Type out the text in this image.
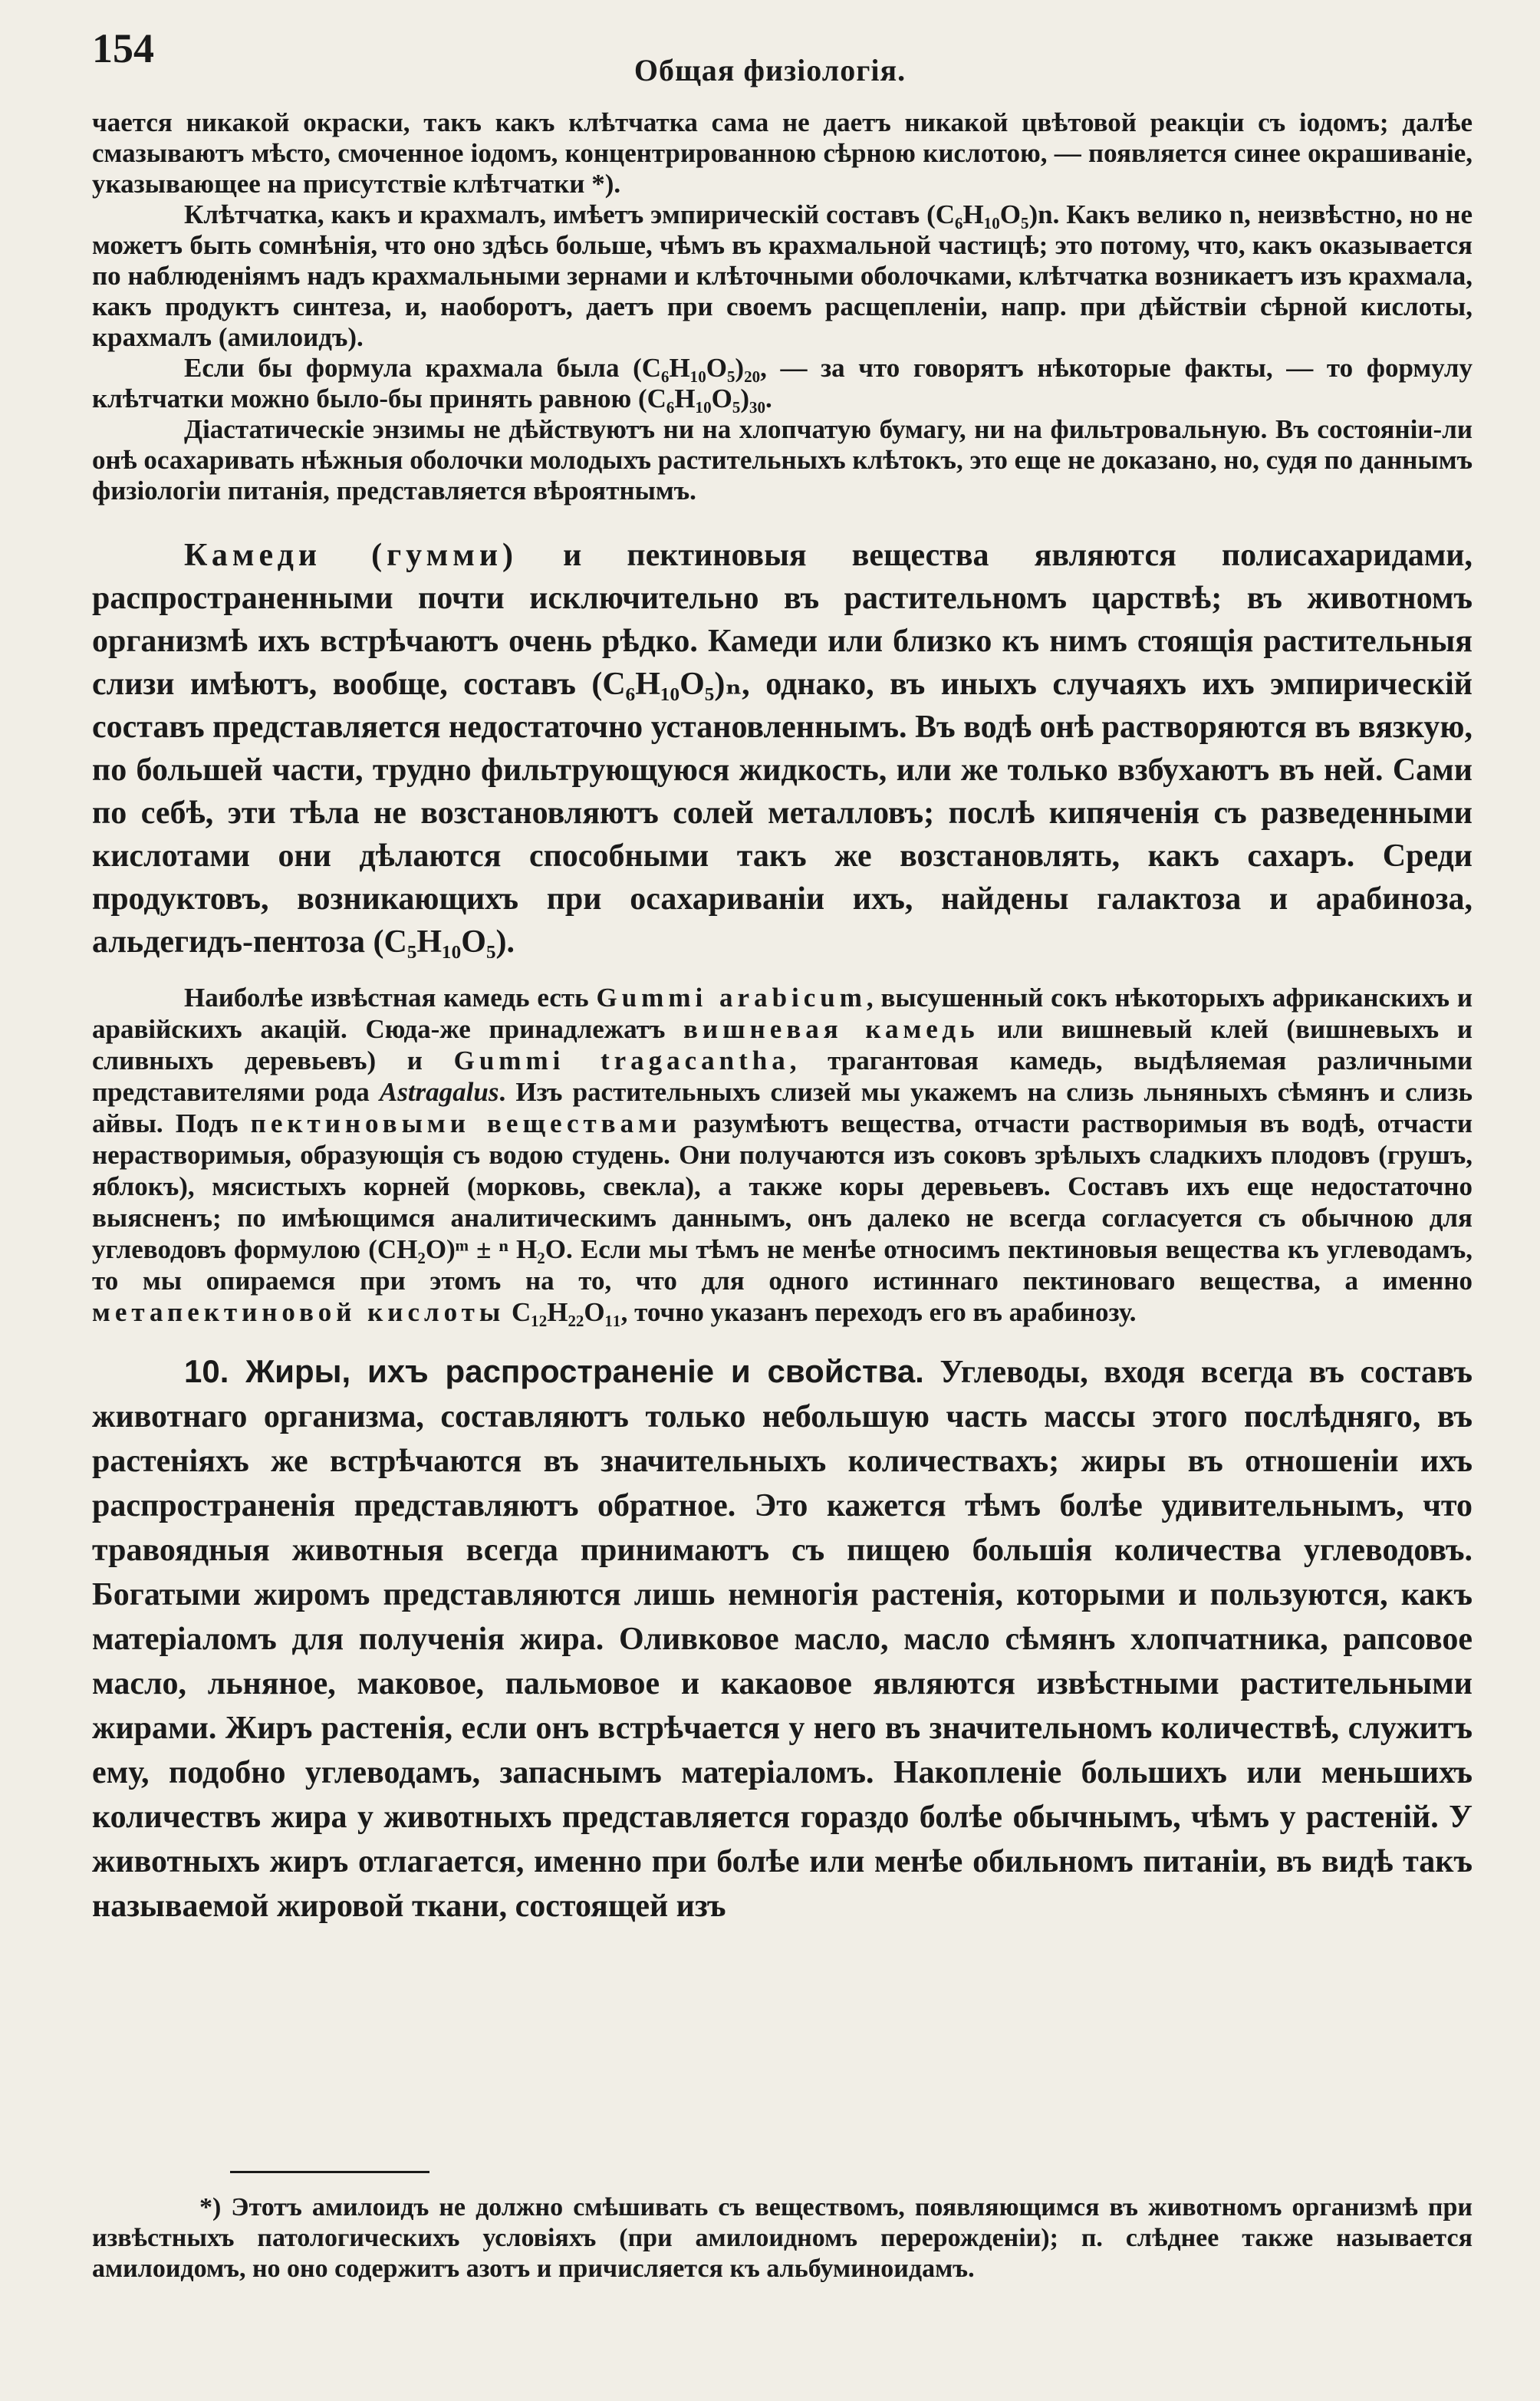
154	Общая физіологія.

чается никакой окраски, такъ какъ клѣтчатка сама не даетъ никакой цвѣтовой реакціи съ іодомъ; далѣе смазываютъ мѣсто, смоченное іодомъ, концентрированною сѣрною кислотою, — появляется синее окрашиваніе, указывающее на присутствіе клѣтчатки *).

Клѣтчатка, какъ и крахмалъ, имѣетъ эмпирическій составъ (C₆H₁₀O₅)n. Какъ велико n, неизвѣстно, но не можетъ быть сомнѣнія, что оно здѣсь больше, чѣмъ въ крахмальной частицѣ; это потому, что, какъ оказывается по наблюденіямъ надъ крахмальными зернами и клѣточными оболочками, клѣтчатка возникаетъ изъ крахмала, какъ продуктъ синтеза, и, наоборотъ, даетъ при своемъ расщепленіи, напр. при дѣйствіи сѣрной кислоты, крахмалъ (амилоидъ).

Если бы формула крахмала была (C₆H₁₀O₅)₂₀, — за что говорятъ нѣкоторые факты, — то формулу клѣтчатки можно было-бы принять равною (C₆H₁₀O₅)₃₀.

Діастатическіе энзимы не дѣйствуютъ ни на хлопчатую бумагу, ни на фильтровальную. Въ состояніи-ли онѣ осахаривать нѣжныя оболочки молодыхъ растительныхъ клѣтокъ, это еще не доказано, но, судя по даннымъ физіологіи питанія, представляется вѣроятнымъ.

Камеди (гумми) и пектиновыя вещества являются полисахаридами, распространенными почти исключительно въ растительномъ царствѣ; въ животномъ организмѣ ихъ встрѣчаютъ очень рѣдко. Камеди или близко къ нимъ стоящія растительныя слизи имѣютъ, вообще, составъ (C₆H₁₀O₅)ₙ, однако, въ иныхъ случаяхъ ихъ эмпирическій составъ представляется недостаточно установленнымъ. Въ водѣ онѣ растворяются въ вязкую, по большей части, трудно фильтрующуюся жидкость, или же только взбухаютъ въ ней. Сами по себѣ, эти тѣла не возстановляютъ солей металловъ; послѣ кипяченія съ разведенными кислотами они дѣлаются способными такъ же возстановлять, какъ сахаръ. Среди продуктовъ, возникающихъ при осахариваніи ихъ, найдены галактоза и арабиноза, альдегидъ-пентоза (C₅H₁₀O₅).

Наиболѣе извѣстная камедь есть Gummi arabicum, высушенный сокъ нѣкоторыхъ африканскихъ и аравійскихъ акацій. Сюда-же принадлежатъ вишневая камедь или вишневый клей (вишневыхъ и сливныхъ деревьевъ) и Gummi tragacantha, трагантовая камедь, выдѣляемая различными представителями рода Astragalus. Изъ растительныхъ слизей мы укажемъ на слизь льняныхъ сѣмянъ и слизь айвы. Подъ пектиновыми веществами разумѣютъ вещества, отчасти растворимыя въ водѣ, отчасти нерастворимыя, образующія съ водою студень. Они получаются изъ соковъ зрѣлыхъ сладкихъ плодовъ (грушъ, яблокъ), мясистыхъ корней (морковь, свекла), а также коры деревьевъ. Составъ ихъ еще недостаточно выясненъ; по имѣющимся аналитическимъ даннымъ, онъ далеко не всегда согласуется съ обычною для углеводовъ формулою (CH₂O)ᵐ ± ⁿ H₂O. Если мы тѣмъ не менѣе относимъ пектиновыя вещества къ углеводамъ, то мы опираемся при этомъ на то, что для одного истиннаго пектиноваго вещества, а именно метапектиновой кислоты C₁₂H₂₂O₁₁, точно указанъ переходъ его въ арабинозу.

10. Жиры, ихъ распространеніе и свойства. Углеводы, входя всегда въ составъ животнаго организма, составляютъ только небольшую часть массы этого послѣдняго, въ растеніяхъ же встрѣчаются въ значительныхъ количествахъ; жиры въ отношеніи ихъ распространенія представляютъ обратное. Это кажется тѣмъ болѣе удивительнымъ, что травоядныя животныя всегда принимаютъ съ пищею большія количества углеводовъ. Богатыми жиромъ представляются лишь немногія растенія, которыми и пользуются, какъ матеріаломъ для полученія жира. Оливковое масло, масло сѣмянъ хлопчатника, рапсовое масло, льняное, маковое, пальмовое и какаовое являются извѣстными растительными жирами. Жиръ растенія, если онъ встрѣчается у него въ значительномъ количествѣ, служитъ ему, подобно углеводамъ, запаснымъ матеріаломъ. Накопленіе большихъ или меньшихъ количествъ жира у животныхъ представляется гораздо болѣе обычнымъ, чѣмъ у растеній. У животныхъ жиръ отлагается, именно при болѣе или менѣе обильномъ питаніи, въ видѣ такъ называемой жировой ткани, состоящей изъ

*) Этотъ амилоидъ не должно смѣшивать съ веществомъ, появляющимся въ животномъ организмѣ при извѣстныхъ патологическихъ условіяхъ (при амилоидномъ перерожденіи); п. слѣднее также называется амилоидомъ, но оно содержитъ азотъ и причисляется къ альбуминоидамъ.
